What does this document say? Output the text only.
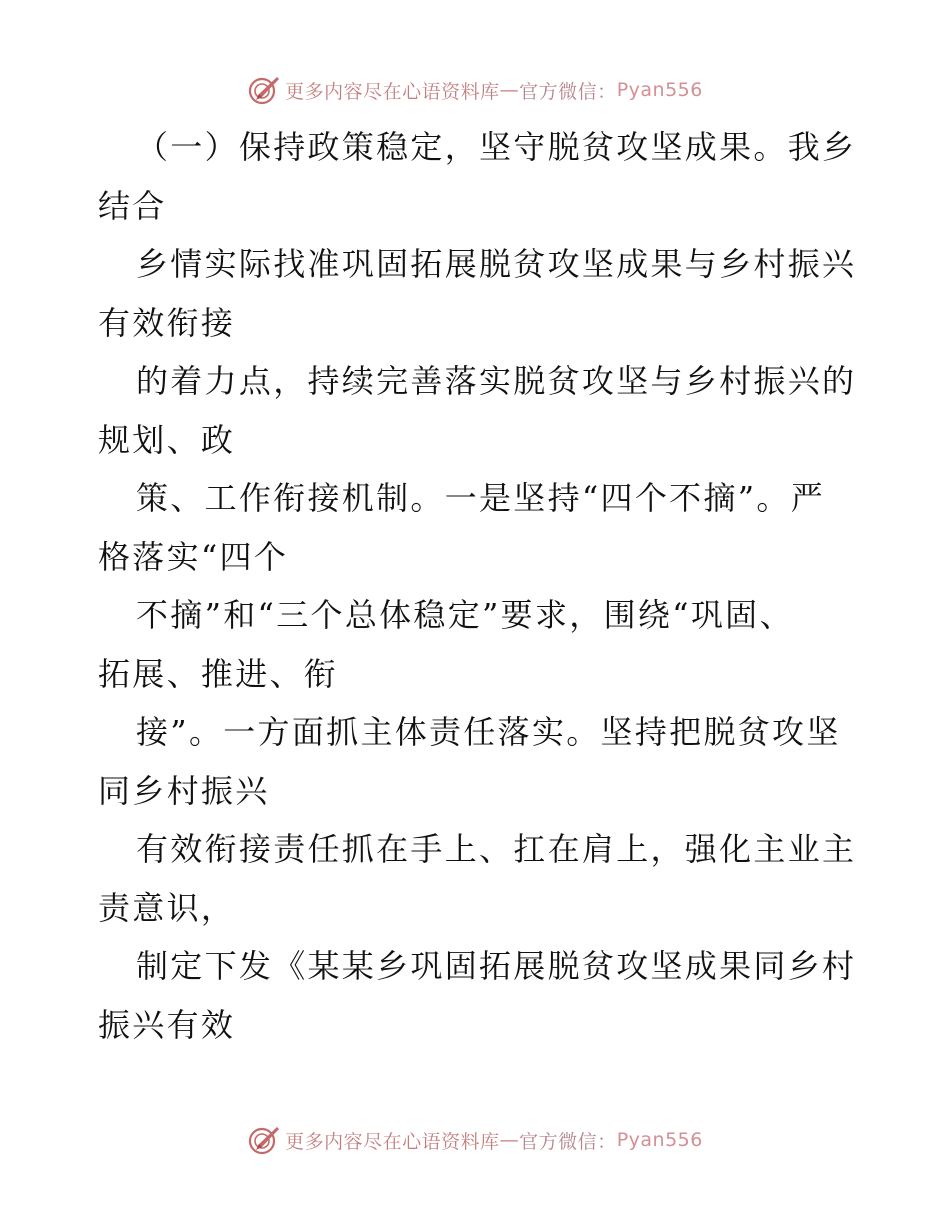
更多内容尽在心语资料库 — 官方微信： Pyan556
（一）保持政策稳定，坚守脱贫攻坚成果。我乡
结合
乡情实际找准巩固拓展脱贫攻坚成果与乡村振兴
有效衔接
的着力点，持续完善落实脱贫攻坚与乡村振兴的
规划、政
策、工作衔接机制。一是坚持“四个不摘”。严
格落实“四个
不摘”和“三个总体稳定”要求，围绕“巩固、
拓展、推进、衔
接”。一方面抓主体责任落实。坚持把脱贫攻坚
同乡村振兴
有效衔接责任抓在手上、扛在肩上，强化主业主
责意识，
制定下发《某某乡巩固拓展脱贫攻坚成果同乡村
振兴有效
更多内容尽在心语资料库 — 官方微信： Pyan556
